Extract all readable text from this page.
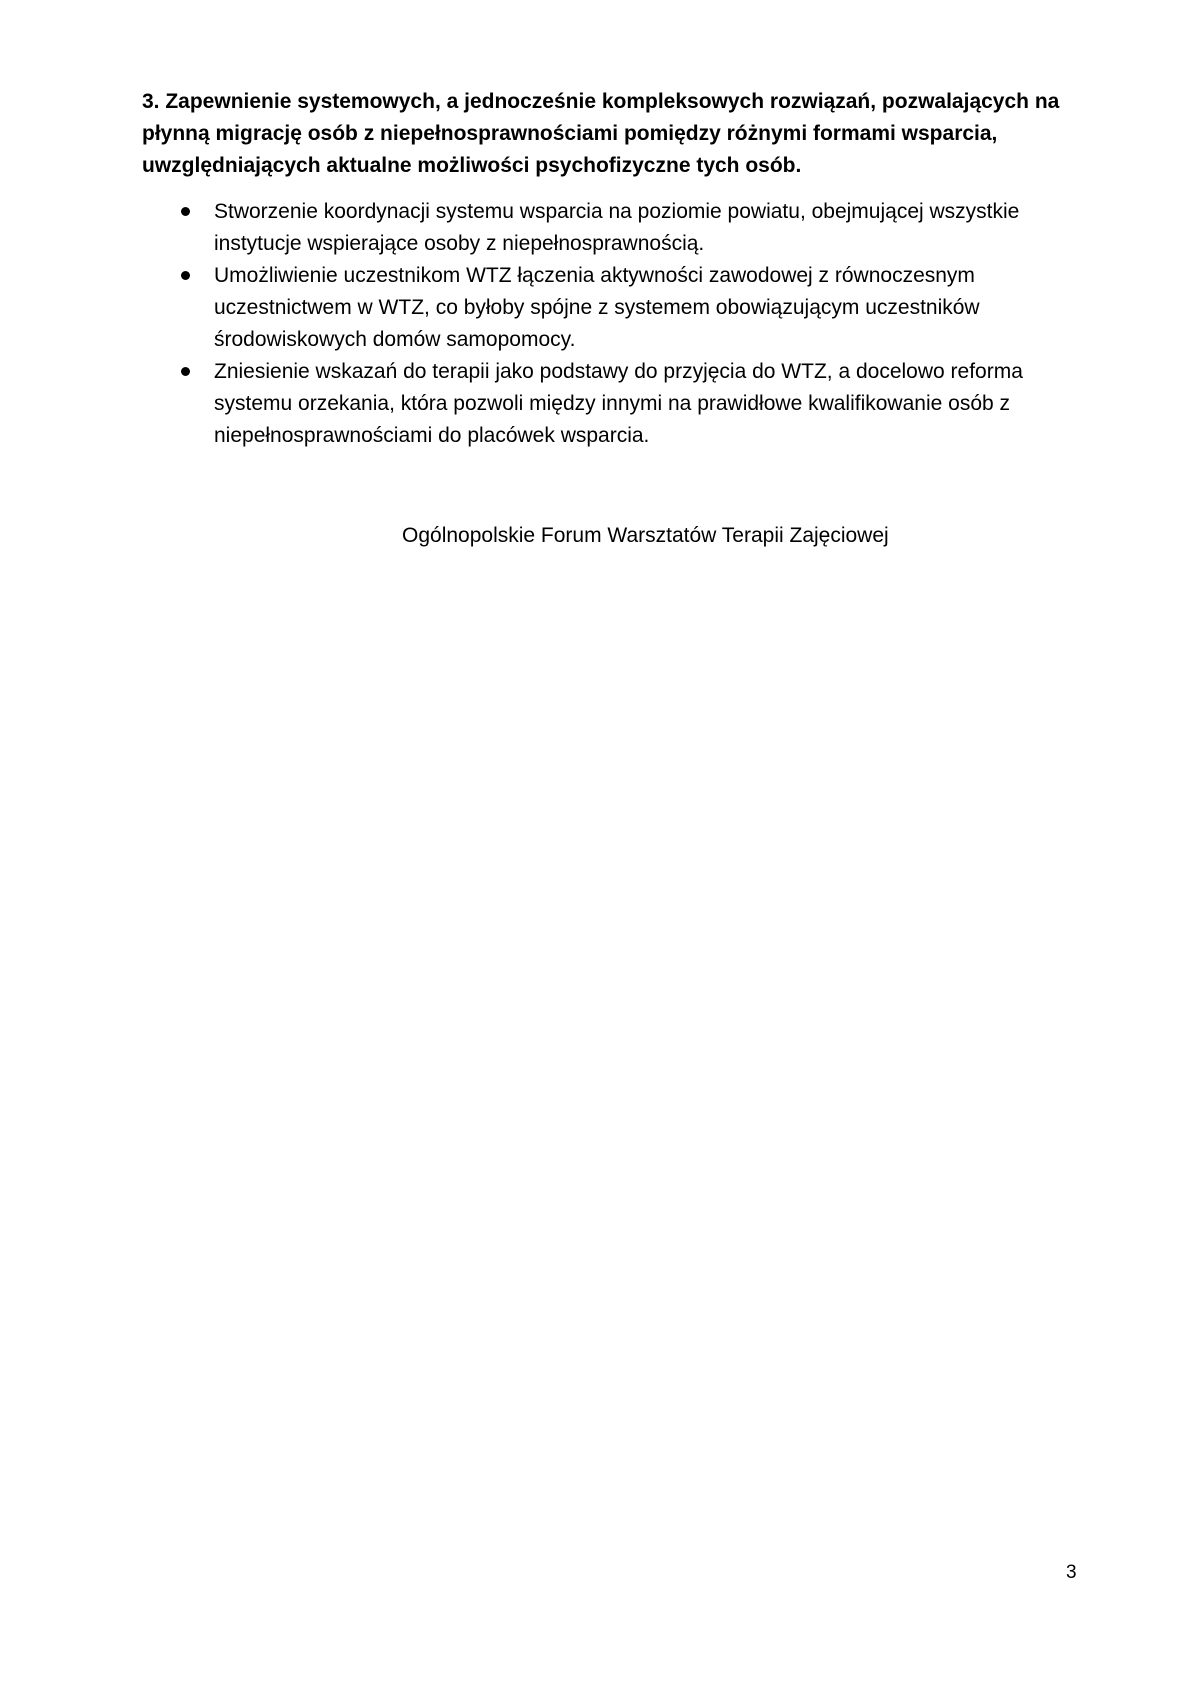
3. Zapewnienie systemowych, a jednocześnie kompleksowych rozwiązań, pozwalających na płynną migrację osób z niepełnosprawnościami pomiędzy różnymi formami wsparcia, uwzględniających aktualne możliwości psychofizyczne tych osób.
Stworzenie koordynacji systemu wsparcia na poziomie powiatu, obejmującej wszystkie instytucje wspierające osoby z niepełnosprawnością.
Umożliwienie uczestnikom WTZ łączenia aktywności zawodowej z równoczesnym uczestnictwem w WTZ, co byłoby spójne z systemem obowiązującym uczestników środowiskowych domów samopomocy.
Zniesienie wskazań do terapii jako podstawy do przyjęcia do WTZ, a docelowo reforma systemu orzekania, która pozwoli między innymi na prawidłowe kwalifikowanie osób z niepełnosprawnościami do placówek wsparcia.
Ogólnopolskie Forum Warsztatów Terapii Zajęciowej
3
